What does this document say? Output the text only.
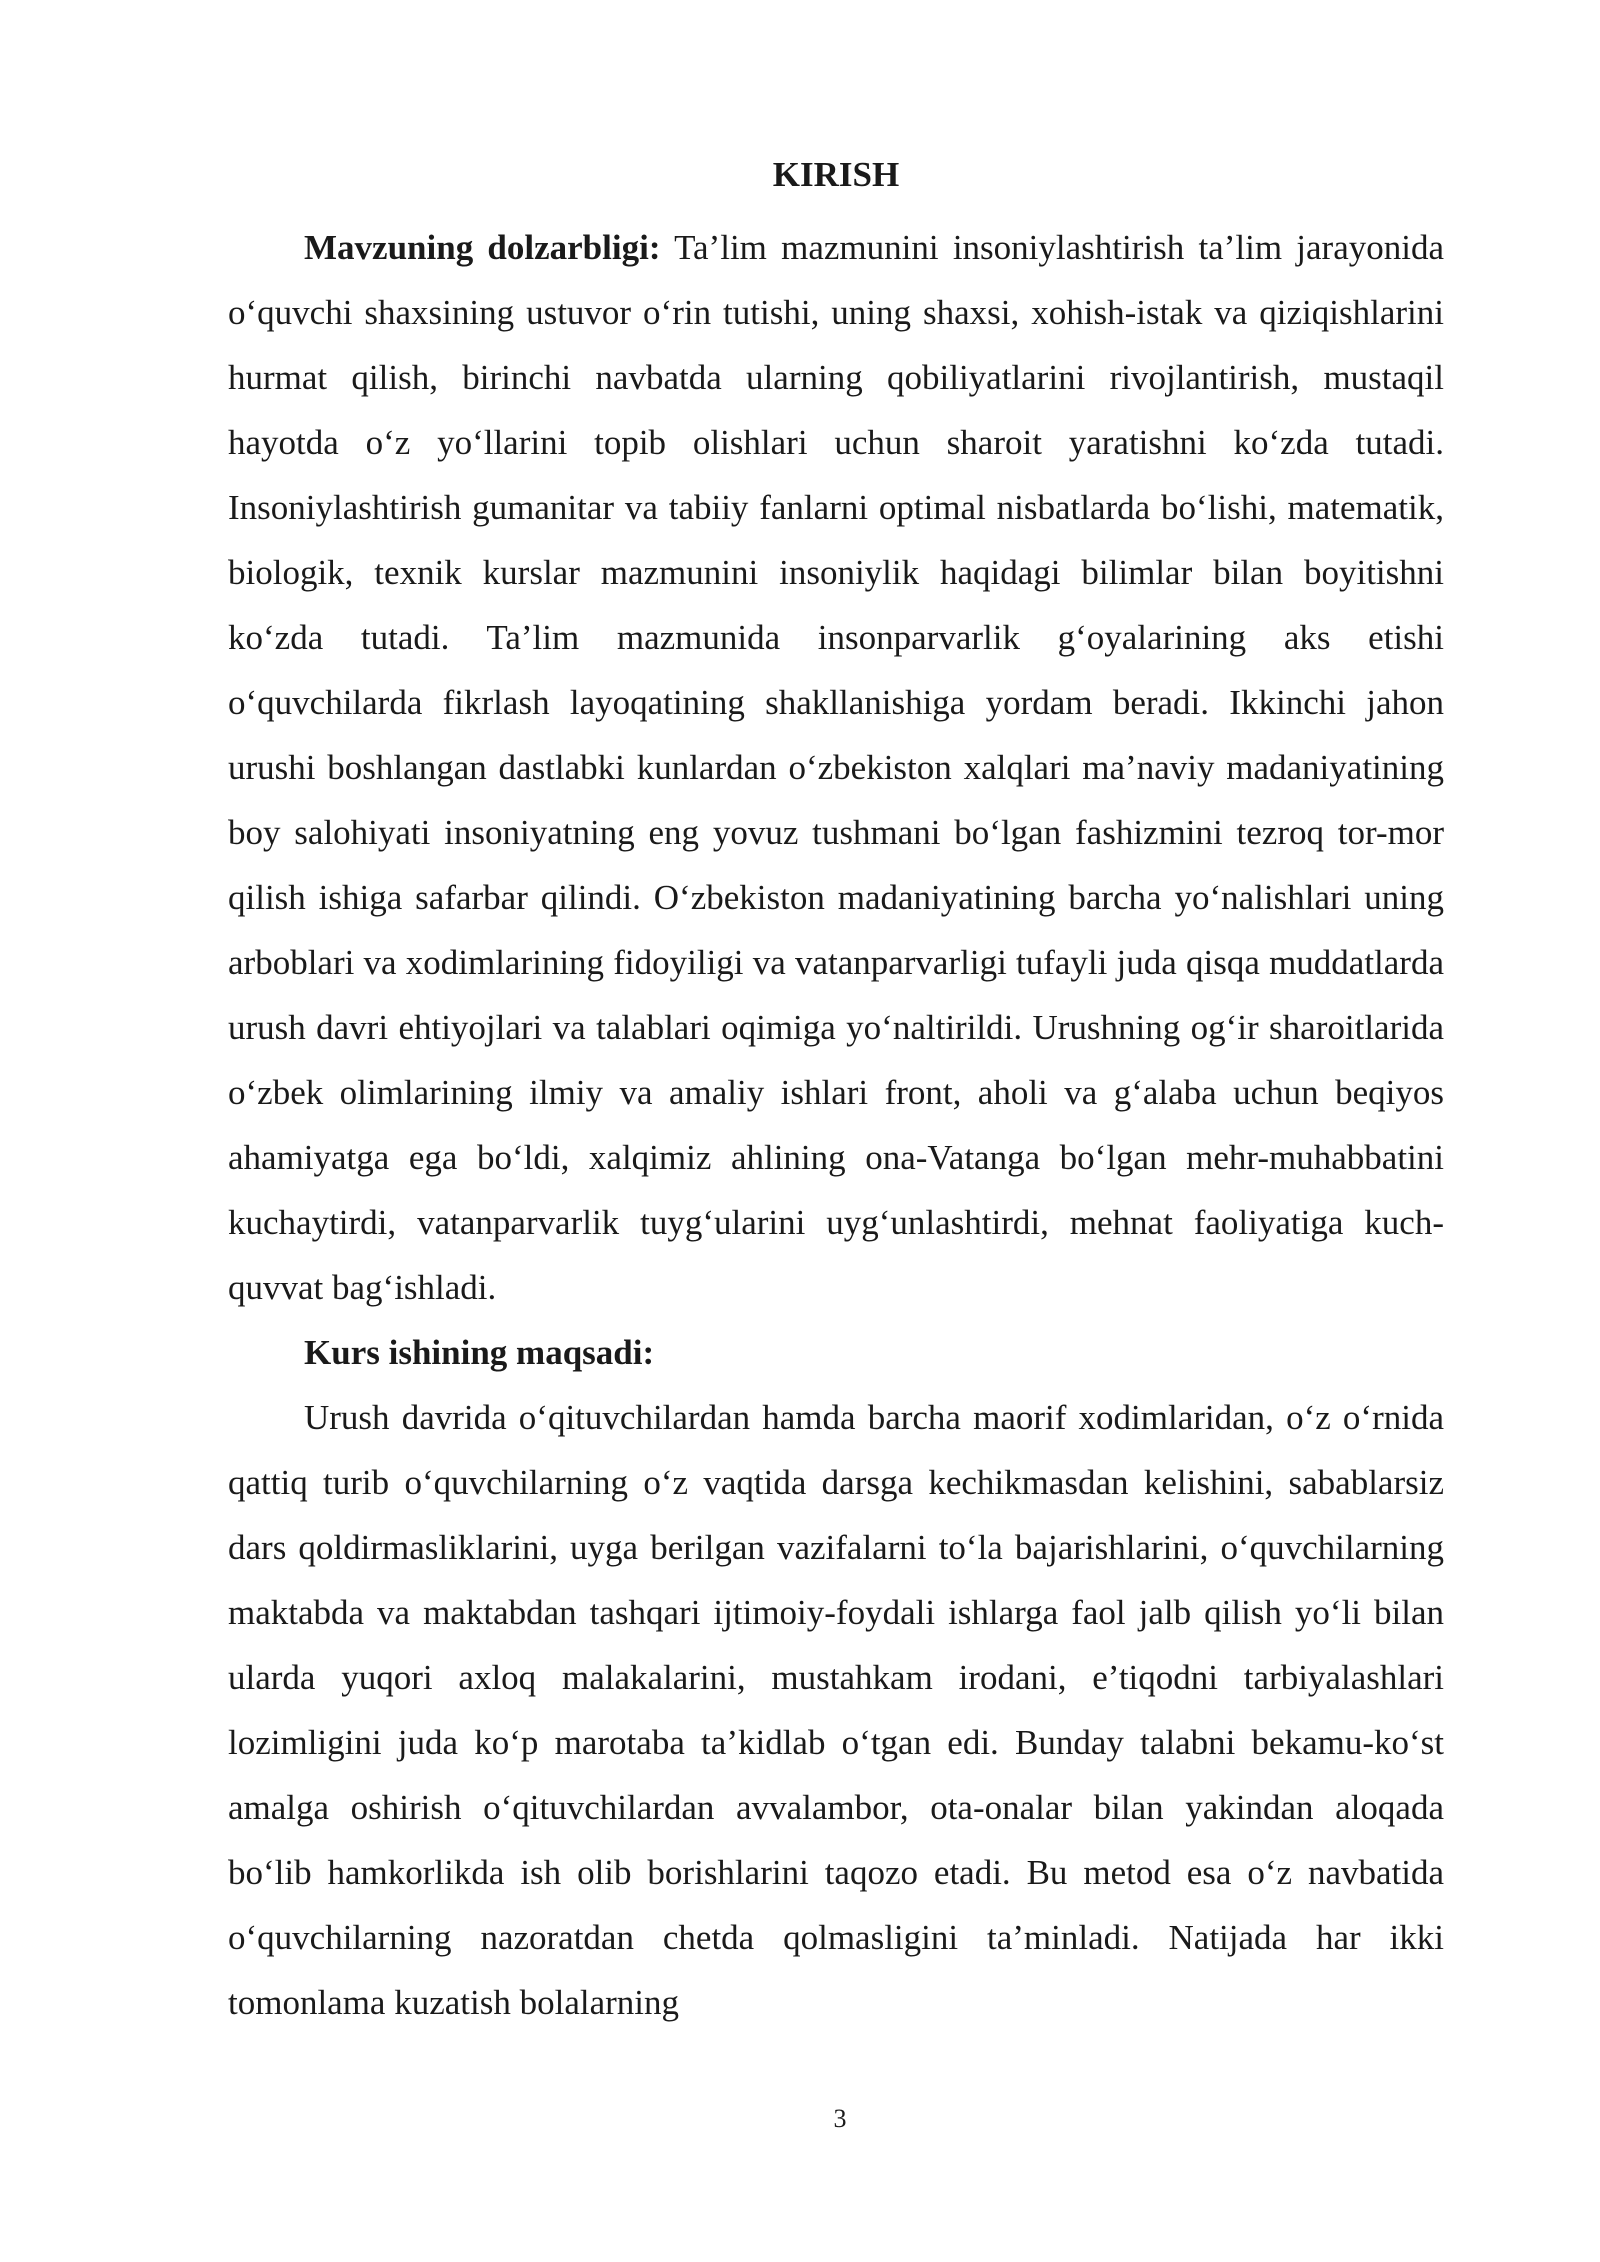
KIRISH

Mavzuning dolzarbligi: Ta’lim mazmunini insoniylashtirish ta’lim jarayonida o‘quvchi shaxsining ustuvor o‘rin tutishi, uning shaxsi, xohish-istak va qiziqishlarini hurmat qilish, birinchi navbatda ularning qobiliyatlarini rivojlantirish, mustaqil hayotda o‘z yo‘llarini topib olishlari uchun sharoit yaratishni ko‘zda tutadi. Insoniylashtirish gumanitar va tabiiy fanlarni optimal nisbatlarda bo‘lishi, matematik, biologik, texnik kurslar mazmunini insoniylik haqidagi bilimlar bilan boyitishni ko‘zda tutadi. Ta’lim mazmunida insonparvarlik g‘oyalarining aks etishi o‘quvchilarda fikrlash layoqatining shakllanishiga yordam beradi. Ikkinchi jahon urushi boshlangan dastlabki kunlardan o‘zbekiston xalqlari ma’naviy madaniyatining boy salohiyati insoniyatning eng yovuz tushmani bo‘lgan fashizmini tezroq tor-mor qilish ishiga safarbar qilindi. O‘zbekiston madaniyatining barcha yo‘nalishlari uning arboblari va xodimlarining fidoyiligi va vatanparvarligi tufayli juda qisqa muddatlarda urush davri ehtiyojlari va talablari oqimiga yo‘naltirildi. Urushning og‘ir sharoitlarida o‘zbek olimlarining ilmiy va amaliy ishlari front, aholi va g‘alaba uchun beqiyos ahamiyatga ega bo‘ldi, xalqimiz ahlining ona-Vatanga bo‘lgan mehr-muhabbatini kuchaytirdi, vatanparvarlik tuyg‘ularini uyg‘unlashtirdi, mehnat faoliyatiga kuch-quvvat bag‘ishladi.

Kurs ishining maqsadi:

Urush davrida o‘qituvchilardan hamda barcha maorif xodimlaridan, o‘z o‘rnida qattiq turib o‘quvchilarning o‘z vaqtida darsga kechikmasdan kelishini, sabablarsiz dars qoldirmasliklarini, uyga berilgan vazifalarni to‘la bajarishlarini, o‘quvchilarning maktabda va maktabdan tashqari ijtimoiy-foydali ishlarga faol jalb qilish yo‘li bilan ularda yuqori axloq malakalarini, mustahkam irodani, e’tiqodni tarbiyalashlari lozimligini juda ko‘p marotaba ta’kidlab o‘tgan edi. Bunday talabni bekamu-ko‘st amalga oshirish o‘qituvchilardan avvalambor, ota-onalar bilan yakindan aloqada bo‘lib hamkorlikda ish olib borishlarini taqozo etadi. Bu metod esa o‘z navbatida o‘quvchilarning nazoratdan chetda qolmasligini ta’minladi. Natijada har ikki tomonlama kuzatish bolalarning

3
